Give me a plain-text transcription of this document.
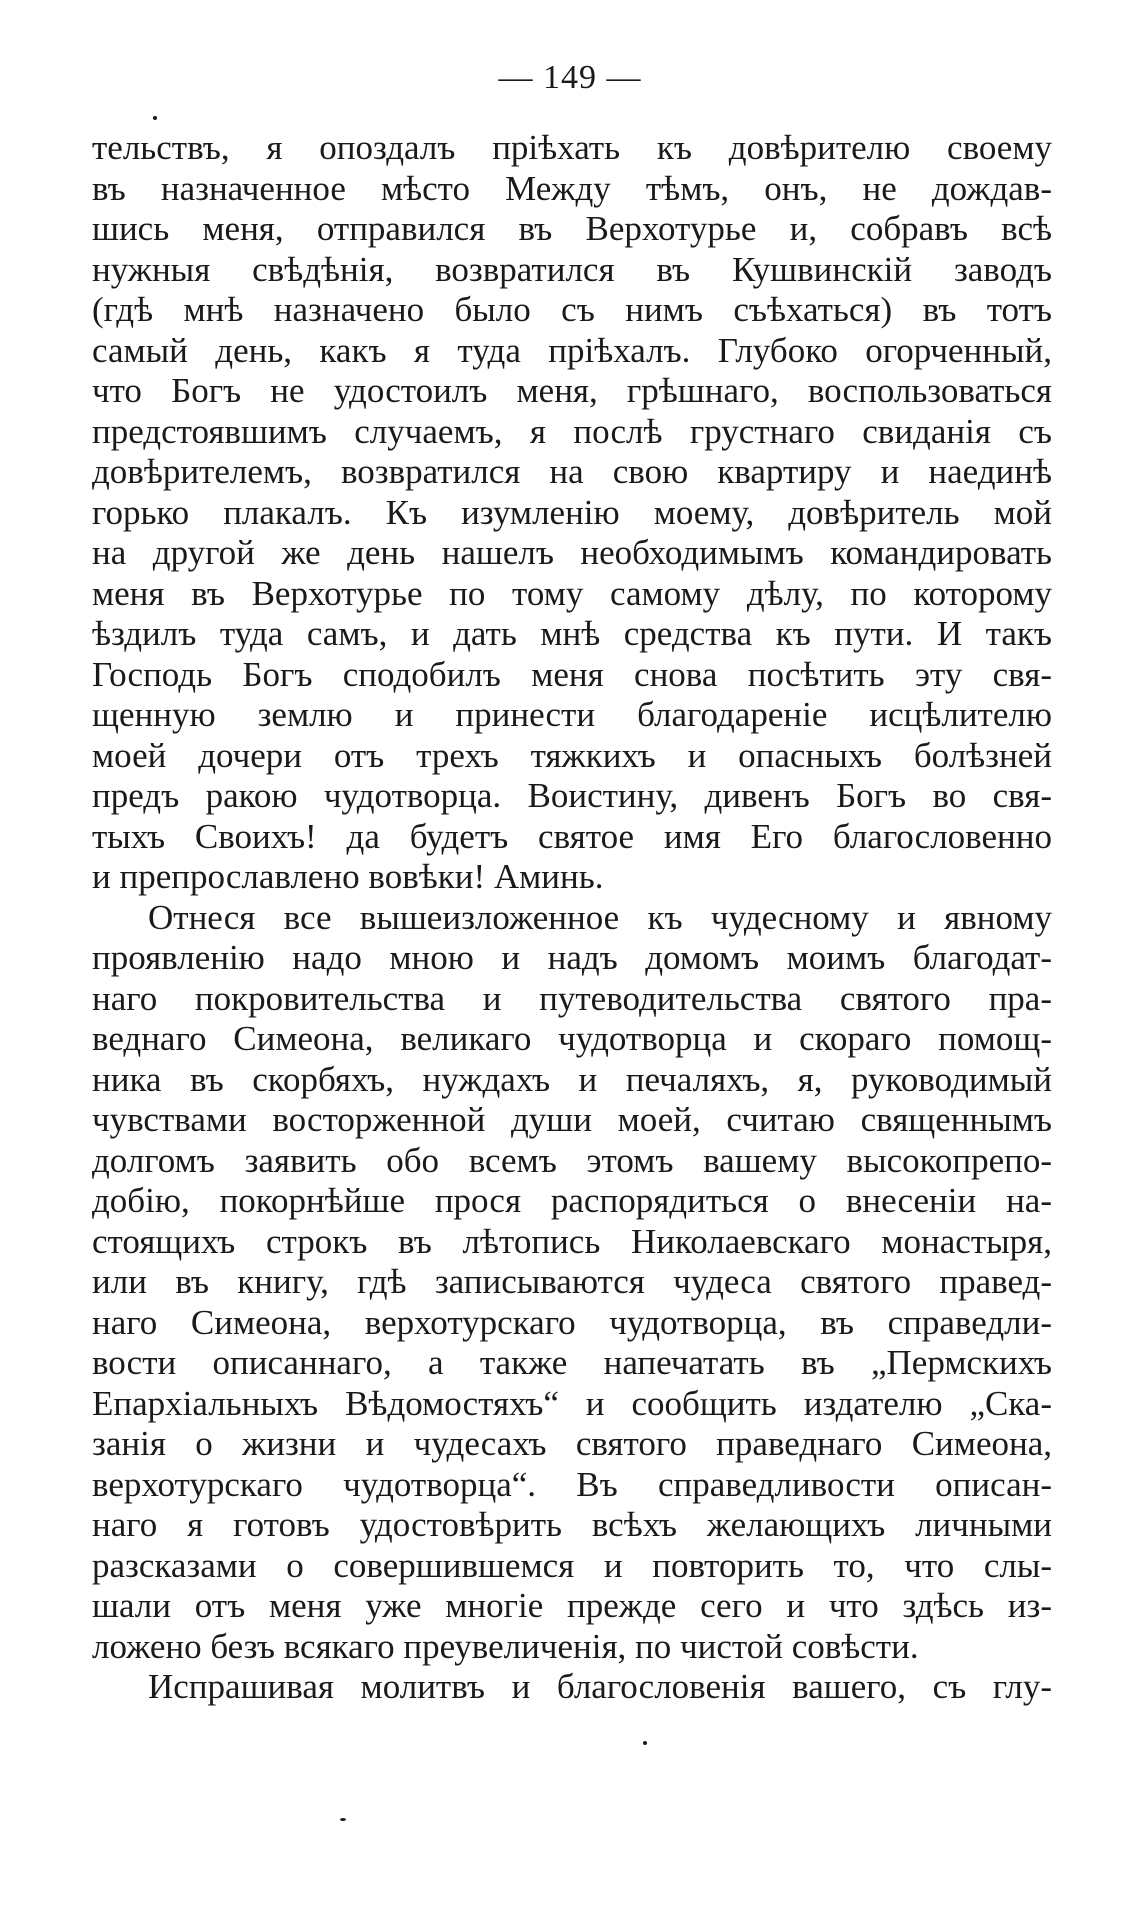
— 149 —
тельствъ, я опоздалъ пріѣхать къ довѣрителю своему
въ назначенное мѣсто Между тѣмъ, онъ, не дождав-
шись меня, отправился въ Верхотурье и, собравъ всѣ
нужныя свѣдѣнія, возвратился въ Кушвинскій заводъ
(гдѣ мнѣ назначено было съ нимъ съѣхаться) въ тотъ
самый день, какъ я туда пріѣхалъ. Глубоко огорченный,
что Богъ не удостоилъ меня, грѣшнаго, воспользоваться
предстоявшимъ случаемъ, я послѣ грустнаго свиданія съ
довѣрителемъ, возвратился на свою квартиру и наединѣ
горько плакалъ. Къ изумленію моему, довѣритель мой
на другой же день нашелъ необходимымъ командировать
меня въ Верхотурье по тому самому дѣлу, по которому
ѣздилъ туда самъ, и дать мнѣ средства къ пути. И такъ
Господь Богъ сподобилъ меня снова посѣтить эту свя-
щенную землю и принести благодареніе исцѣлителю
моей дочери отъ трехъ тяжкихъ и опасныхъ болѣзней
предъ ракою чудотворца. Воистину, дивенъ Богъ во свя-
тыхъ Своихъ! да будетъ святое имя Его благословенно
и препрославлено вовѣки! Аминь.
Отнеся все вышеизложенное къ чудесному и явному
проявленію надо мною и надъ домомъ моимъ благодат-
наго покровительства и путеводительства святого пра-
веднаго Симеона, великаго чудотворца и скораго помощ-
ника въ скорбяхъ, нуждахъ и печаляхъ, я, руководимый
чувствами восторженной души моей, считаю священнымъ
долгомъ заявить обо всемъ этомъ вашему высокопрепо-
добію, покорнѣйше прося распорядиться о внесеніи на-
стоящихъ строкъ въ лѣтопись Николаевскаго монастыря,
или въ книгу, гдѣ записываются чудеса святого правед-
наго Симеона, верхотурскаго чудотворца, въ справедли-
вости описаннаго, а также напечатать въ „Пермскихъ
Епархіальныхъ Вѣдомостяхъ“ и сообщить издателю „Ска-
занія о жизни и чудесахъ святого праведнаго Симеона,
верхотурскаго чудотворца“. Въ справедливости описан-
наго я готовъ удостовѣрить всѣхъ желающихъ личными
разсказами о совершившемся и повторить то, что слы-
шали отъ меня уже многіе прежде сего и что здѣсь из-
ложено безъ всякаго преувеличенія, по чистой совѣсти.
Испрашивая молитвъ и благословенія вашего, съ глу-
